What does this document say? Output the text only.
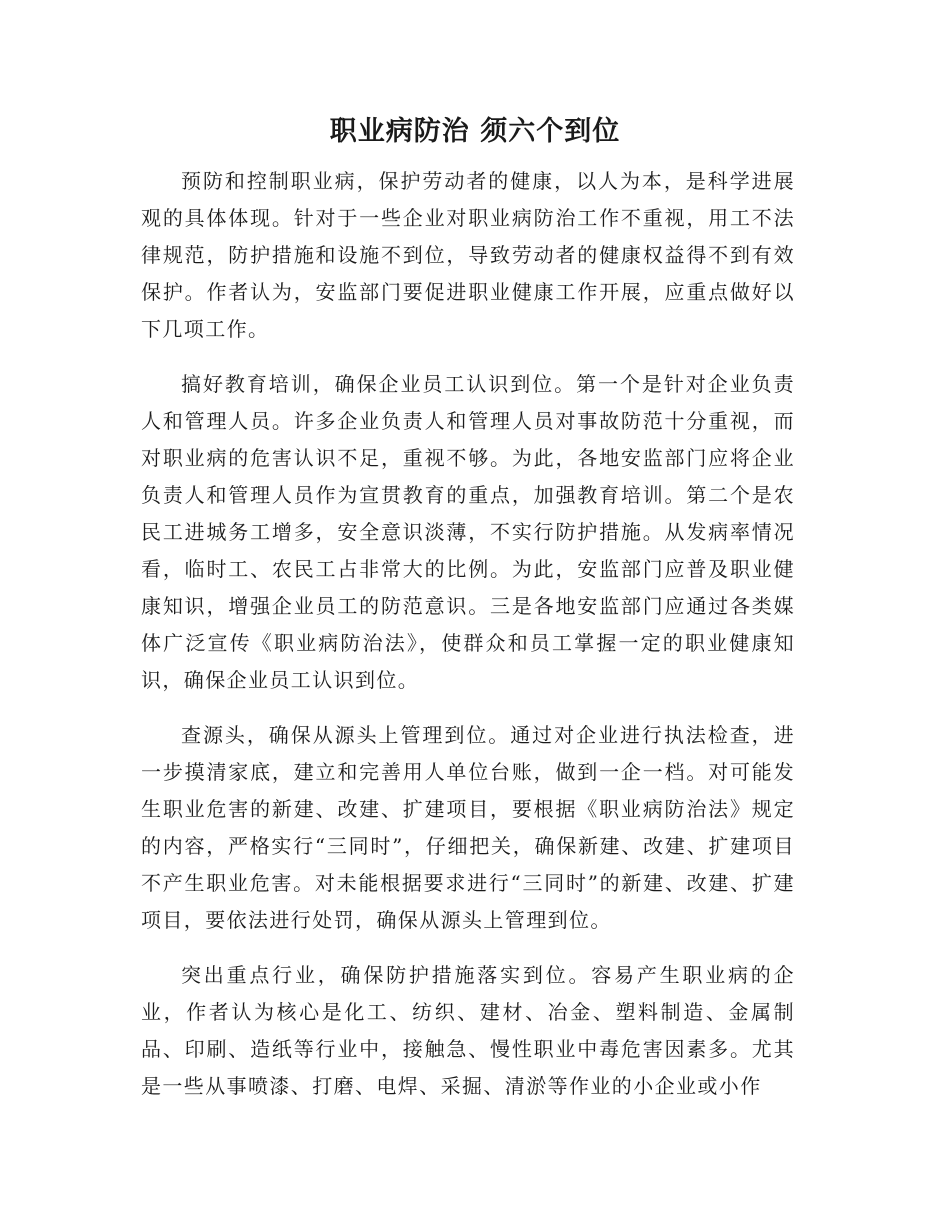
职业病防治 须六个到位

预防和控制职业病，保护劳动者的健康，以人为本，是科学进展观的具体体现。针对于一些企业对职业病防治工作不重视，用工不法律规范，防护措施和设施不到位，导致劳动者的健康权益得不到有效保护。作者认为，安监部门要促进职业健康工作开展，应重点做好以下几项工作。

搞好教育培训，确保企业员工认识到位。第一个是针对企业负责人和管理人员。许多企业负责人和管理人员对事故防范十分重视，而对职业病的危害认识不足，重视不够。为此，各地安监部门应将企业负责人和管理人员作为宣贯教育的重点，加强教育培训。第二个是农民工进城务工增多，安全意识淡薄，不实行防护措施。从发病率情况看，临时工、农民工占非常大的比例。为此，安监部门应普及职业健康知识，增强企业员工的防范意识。三是各地安监部门应通过各类媒体广泛宣传《职业病防治法》，使群众和员工掌握一定的职业健康知识，确保企业员工认识到位。

查源头，确保从源头上管理到位。通过对企业进行执法检查，进一步摸清家底，建立和完善用人单位台账，做到一企一档。对可能发生职业危害的新建、改建、扩建项目，要根据《职业病防治法》规定的内容，严格实行“三同时”，仔细把关，确保新建、改建、扩建项目不产生职业危害。对未能根据要求进行“三同时”的新建、改建、扩建项目，要依法进行处罚，确保从源头上管理到位。

突出重点行业，确保防护措施落实到位。容易产生职业病的企业，作者认为核心是化工、纺织、建材、冶金、塑料制造、金属制品、印刷、造纸等行业中，接触急、慢性职业中毒危害因素多。尤其是一些从事喷漆、打磨、电焊、采掘、清淤等作业的小企业或小作
